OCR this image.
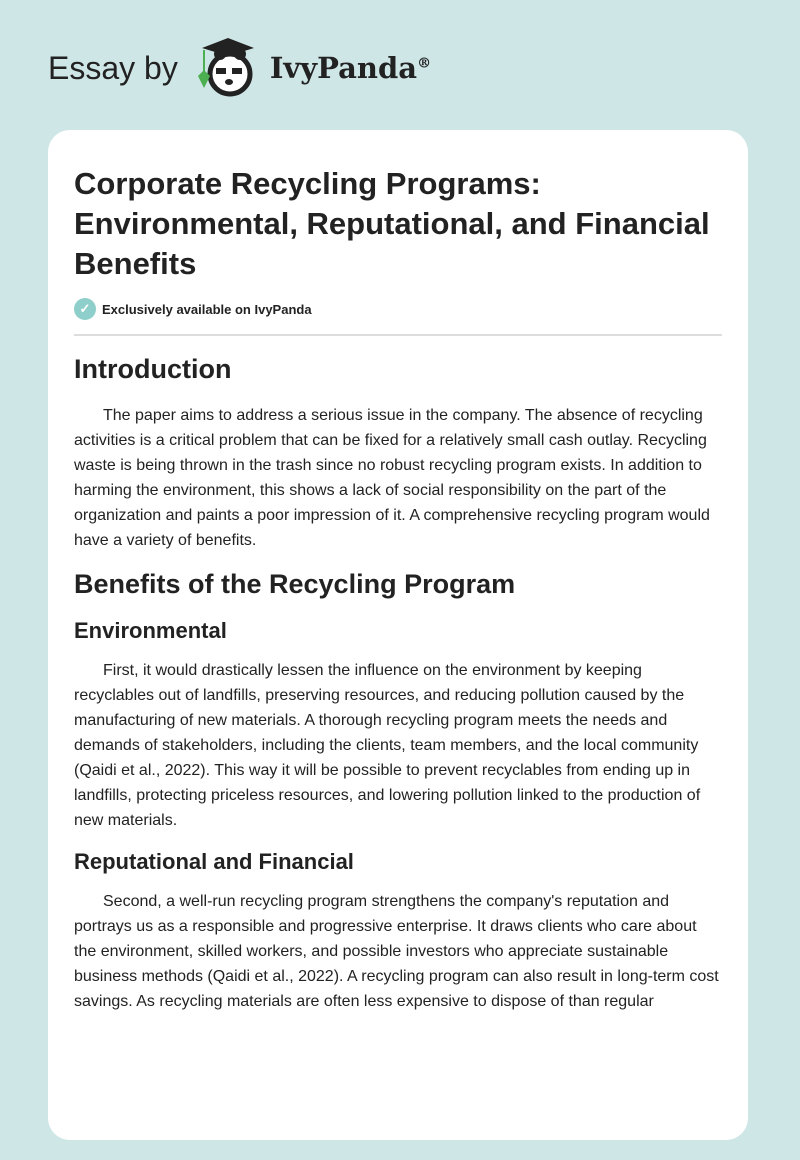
Essay by	IvyPanda®
Corporate Recycling Programs: Environmental, Reputational, and Financial Benefits
✓ Exclusively available on IvyPanda
Introduction

The paper aims to address a serious issue in the company. The absence of recycling activities is a critical problem that can be fixed for a relatively small cash outlay. Recycling waste is being thrown in the trash since no robust recycling program exists. In addition to harming the environment, this shows a lack of social responsibility on the part of the organization and paints a poor impression of it. A comprehensive recycling program would have a variety of benefits.

Benefits of the Recycling Program
Environmental

First, it would drastically lessen the influence on the environment by keeping recyclables out of landfills, preserving resources, and reducing pollution caused by the manufacturing of new materials. A thorough recycling program meets the needs and demands of stakeholders, including the clients, team members, and the local community (Qaidi et al., 2022). This way it will be possible to prevent recyclables from ending up in landfills, protecting priceless resources, and lowering pollution linked to the production of new materials.

Reputational and Financial

Second, a well-run recycling program strengthens the company's reputation and portrays us as a responsible and progressive enterprise. It draws clients who care about the environment, skilled workers, and possible investors who appreciate sustainable business methods (Qaidi et al., 2022). A recycling program can also result in long-term cost savings. As recycling materials are often less expensive to dispose of than regular
